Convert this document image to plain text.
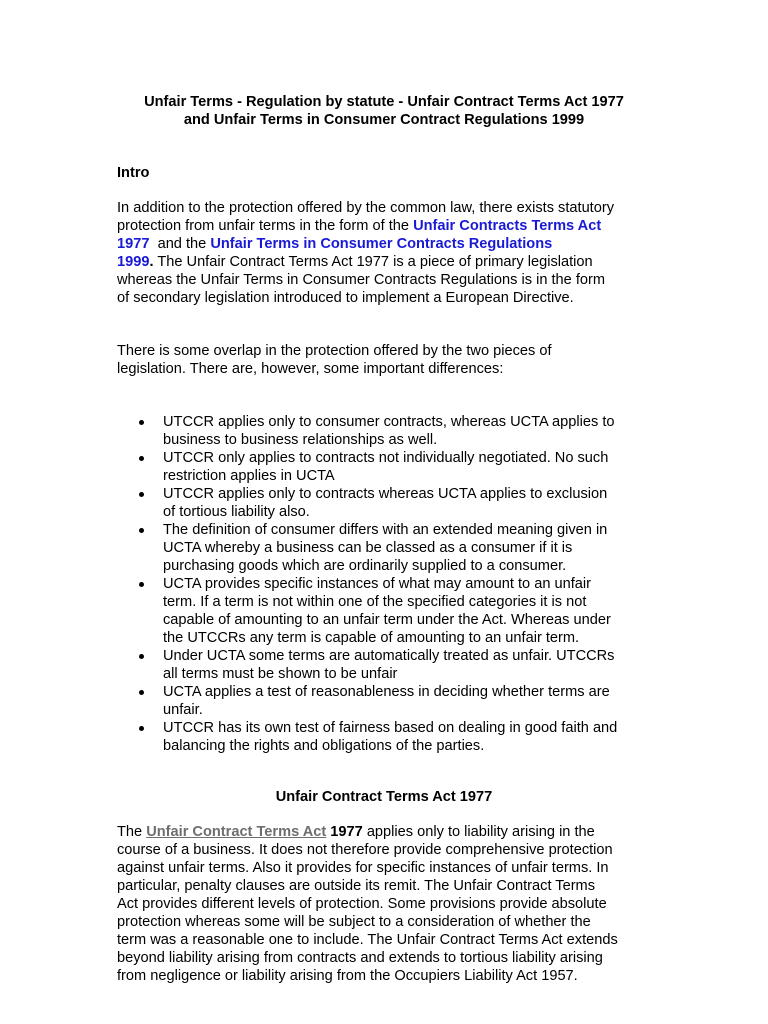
Unfair Terms - Regulation by statute - Unfair Contract Terms Act 1977
and Unfair Terms in Consumer Contract Regulations 1999
Intro
In addition to the protection offered by the common law, there exists statutory
protection from unfair terms in the form of the Unfair Contracts Terms Act
1977  and the Unfair Terms in Consumer Contracts Regulations
1999. The Unfair Contract Terms Act 1977 is a piece of primary legislation
whereas the Unfair Terms in Consumer Contracts Regulations is in the form
of secondary legislation introduced to implement a European Directive.
There is some overlap in the protection offered by the two pieces of
legislation. There are, however, some important differences:
UTCCR applies only to consumer contracts, whereas UCTA applies to
business to business relationships as well.
UTCCR only applies to contracts not individually negotiated. No such
restriction applies in UCTA
UTCCR applies only to contracts whereas UCTA applies to exclusion
of tortious liability also.
The definition of consumer differs with an extended meaning given in
UCTA whereby a business can be classed as a consumer if it is
purchasing goods which are ordinarily supplied to a consumer.
UCTA provides specific instances of what may amount to an unfair
term. If a term is not within one of the specified categories it is not
capable of amounting to an unfair term under the Act. Whereas under
the UTCCRs any term is capable of amounting to an unfair term.
Under UCTA some terms are automatically treated as unfair. UTCCRs
all terms must be shown to be unfair
UCTA applies a test of reasonableness in deciding whether terms are
unfair.
UTCCR has its own test of fairness based on dealing in good faith and
balancing the rights and obligations of the parties.
Unfair Contract Terms Act 1977
The Unfair Contract Terms Act 1977 applies only to liability arising in the
course of a business. It does not therefore provide comprehensive protection
against unfair terms. Also it provides for specific instances of unfair terms. In
particular, penalty clauses are outside its remit. The Unfair Contract Terms
Act provides different levels of protection. Some provisions provide absolute
protection whereas some will be subject to a consideration of whether the
term was a reasonable one to include. The Unfair Contract Terms Act extends
beyond liability arising from contracts and extends to tortious liability arising
from negligence or liability arising from the Occupiers Liability Act 1957.
